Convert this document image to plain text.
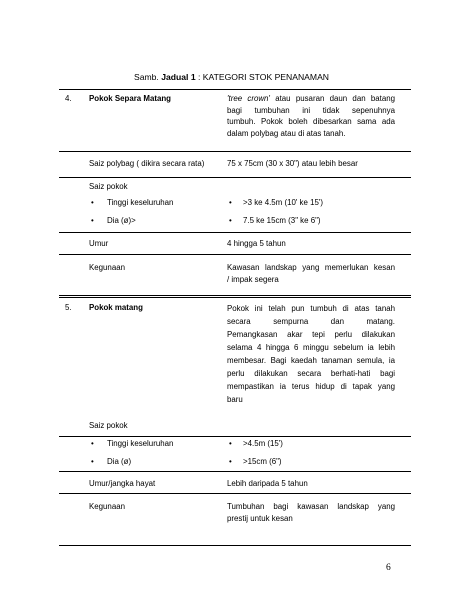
Samb. Jadual 1 : KATEGORI STOK PENANAMAN
4. Pokok Separa Matang	'tree crown' atau pusaran daun dan batang
bagi tumbuhan ini tidak sepenuhnya
tumbuh. Pokok boleh dibesarkan sama ada
dalam polybag atau di atas tanah.
Saiz polybag ( dikira secara rata)	75 x 75cm (30 x 30") atau lebih besar
Saiz pokok
• Tinggi keseluruhan	• >3 ke 4.5m (10' ke 15')
• Dia (ø)>	• 7.5 ke 15cm (3" ke 6")
Umur	4 hingga 5 tahun
Kegunaan	Kawasan landskap yang memerlukan kesan
/ impak segera
5. Pokok matang	Pokok ini telah pun tumbuh di atas tanah
secara sempurna dan matang.
Pemangkasan akar tepi perlu dilakukan
selama 4 hingga 6 minggu sebelum ia lebih
membesar. Bagi kaedah tanaman semula, ia
perlu dilakukan secara berhati-hati bagi
mempastikan ia terus hidup di tapak yang
baru
Saiz pokok
• Tinggi keseluruhan	• >4.5m (15')
• Dia (ø)	• >15cm (6")
Umur/jangka hayat	Lebih daripada 5 tahun
Kegunaan	Tumbuhan bagi kawasan landskap yang
prestij untuk kesan
6
